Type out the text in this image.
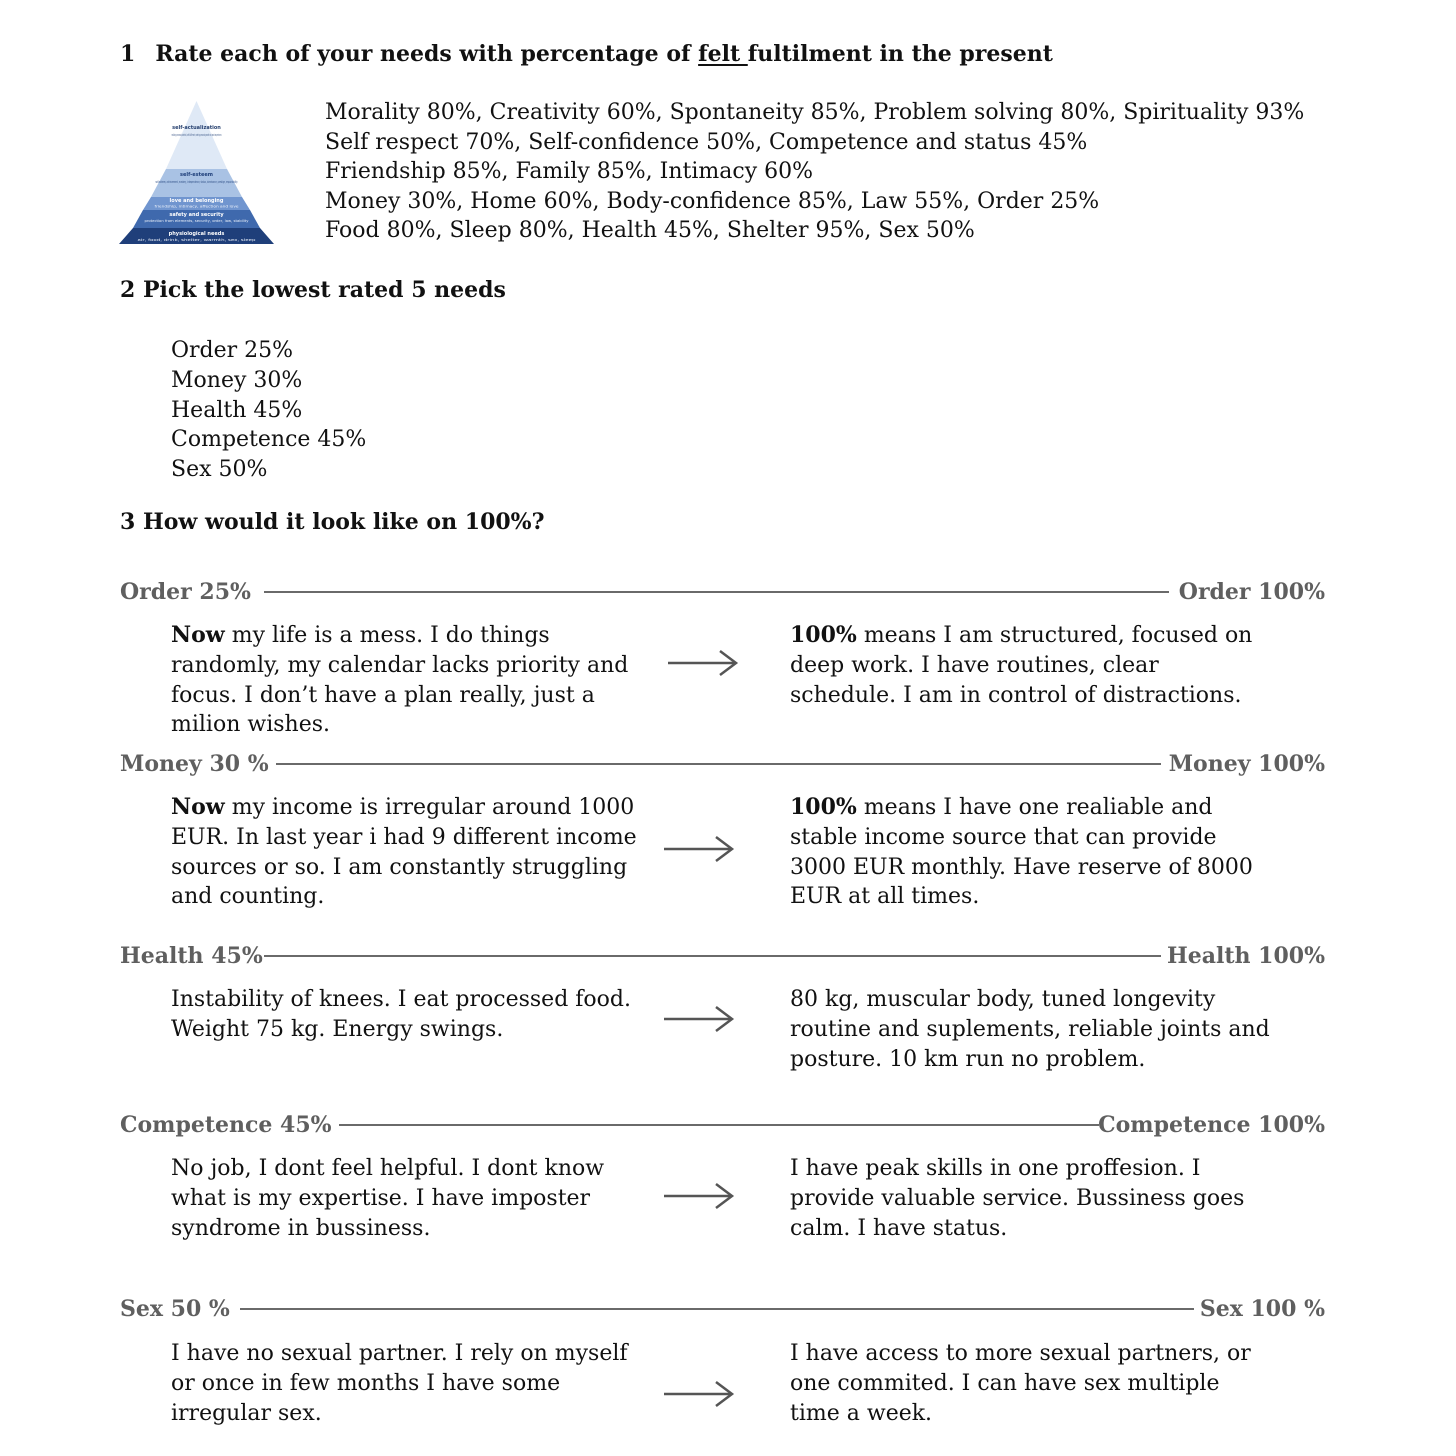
1 Rate each of your needs with percentage of felt fultilment in the present
self-actualization
realizing personal potential, self-fulfillment, seeking personal growth and peak experiences
self-esteem
self-esteem, achievement, mastery, independence, status, dominance, prestige, responsibility
love and belonging
friendship, intimacy, affection and love
safety and security
protection from elements, security, order, law, stability
physiological needs
air, food, drink, shelter, warmth, sex, sleep
Morality 80%, Creativity 60%, Spontaneity 85%, Problem solving 80%, Spirituality 93%
Self respect 70%, Self-confidence 50%, Competence and status 45%
Friendship 85%, Family 85%, Intimacy 60%
Money 30%, Home 60%, Body-confidence 85%, Law 55%, Order 25%
Food 80%, Sleep 80%, Health 45%, Shelter 95%, Sex 50%
2 Pick the lowest rated 5 needs
Order 25%
Money 30%
Health 45%
Competence 45%
Sex 50%
3 How would it look like on 100%?
Order 25%	Order 100%
Now my life is a mess. I do things randomly, my calendar lacks priority and focus. I don’t have a plan really, just a milion wishes.
100% means I am structured, focused on deep work. I have routines, clear schedule. I am in control of distractions.
Money 30 %	Money 100%
Now my income is irregular around 1000 EUR. In last year i had 9 different income sources or so. I am constantly struggling and counting.
100% means I have one realiable and stable income source that can provide 3000 EUR monthly. Have reserve of 8000 EUR at all times.
Health 45%	Health 100%
Instability of knees. I eat processed food. Weight 75 kg. Energy swings.
80 kg, muscular body, tuned longevity routine and suplements, reliable joints and posture. 10 km run no problem.
Competence 45%	Competence 100%
No job, I dont feel helpful. I dont know what is my expertise. I have imposter syndrome in bussiness.
I have peak skills in one proffesion. I provide valuable service. Bussiness goes calm. I have status.
Sex 50 %	Sex 100 %
I have no sexual partner. I rely on myself or once in few months I have some irregular sex.
I have access to more sexual partners, or one commited. I can have sex multiple time a week.
